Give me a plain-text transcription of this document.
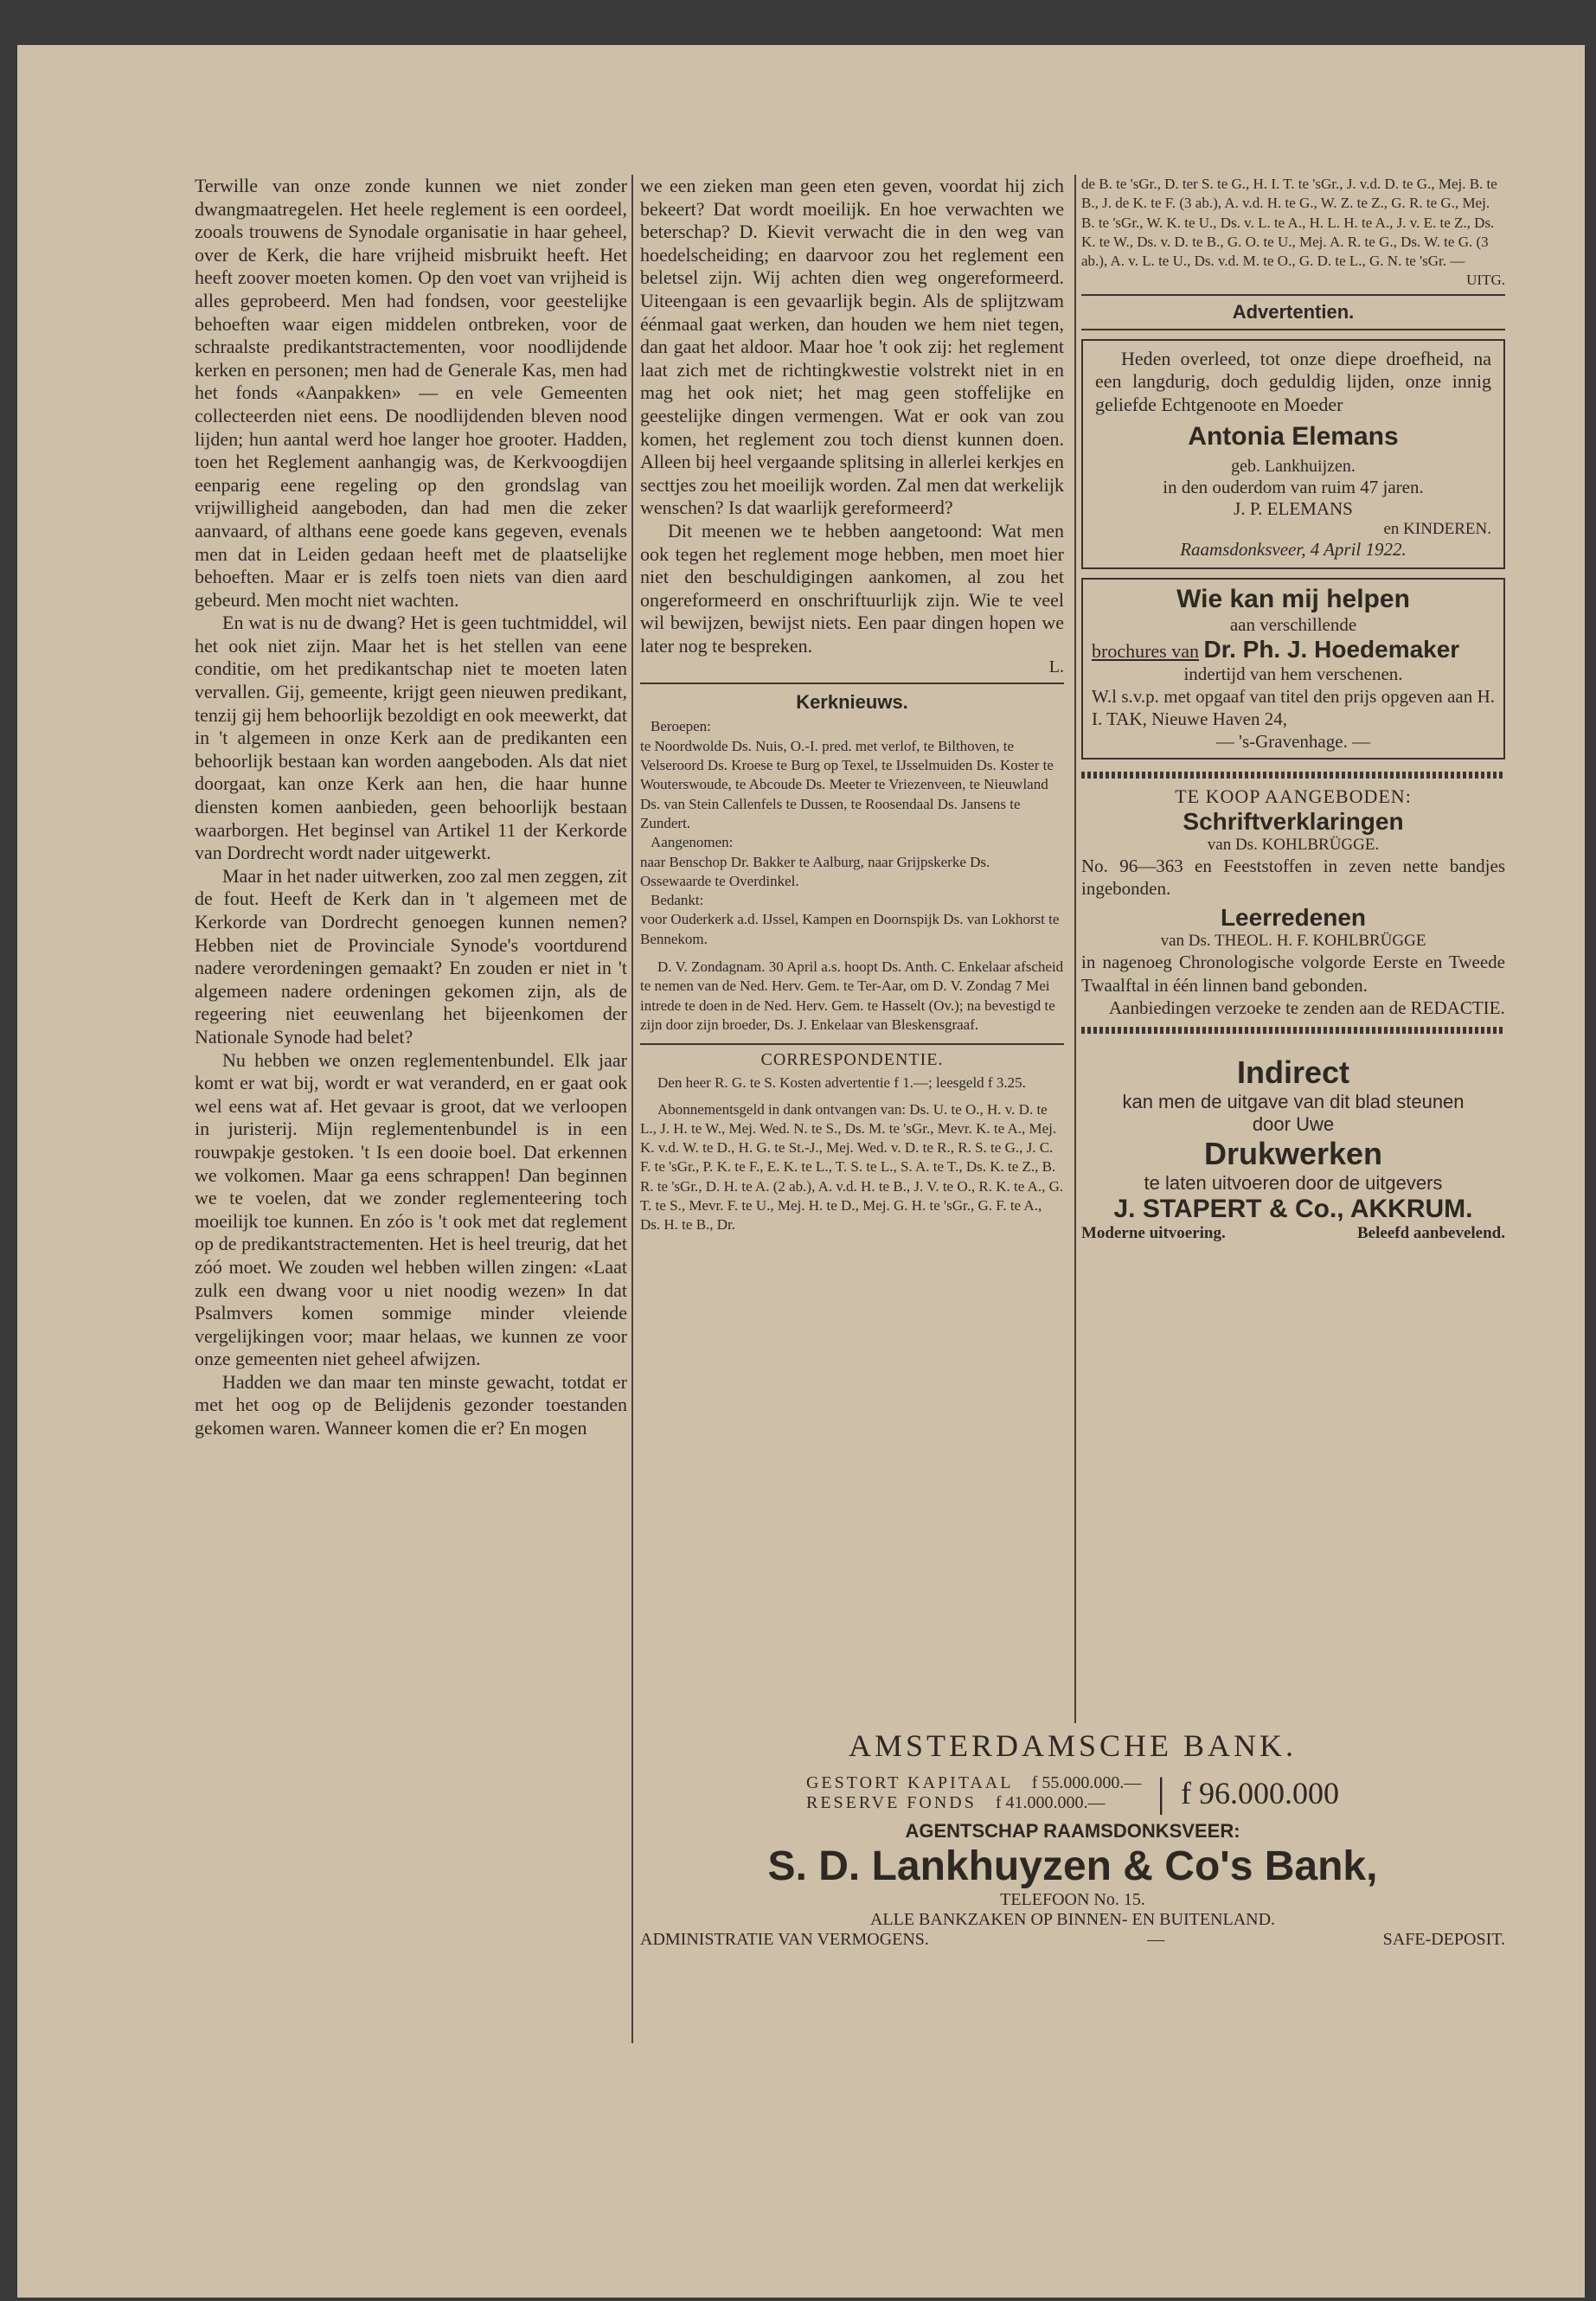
Terwille van onze zonde kunnen we niet zonder dwangmaatregelen. Het heele reglement is een oordeel, zooals trouwens de Synodale organisatie in haar geheel, over de Kerk, die hare vrijheid misbruikt heeft. Het heeft zoover moeten komen. Op den voet van vrijheid is alles geprobeerd. Men had fondsen, voor geestelijke behoeften waar eigen middelen ontbreken, voor de schraalste predikantstractementen, voor noodlijdende kerken en personen; men had de Generale Kas, men had het fonds «Aanpakken» — en vele Gemeenten collecteerden niet eens. De noodlijdenden bleven nood lijden; hun aantal werd hoe langer hoe grooter. Hadden, toen het Reglement aanhangig was, de Kerkvoogdijen eenparig eene regeling op den grondslag van vrijwilligheid aangeboden, dan had men die zeker aanvaard, of althans eene goede kans gegeven, evenals men dat in Leiden gedaan heeft met de plaatselijke behoeften. Maar er is zelfs toen niets van dien aard gebeurd. Men mocht niet wachten.

En wat is nu de dwang? Het is geen tuchtmiddel, wil het ook niet zijn. Maar het is het stellen van eene conditie, om het predikantschap niet te moeten laten vervallen. Gij, gemeente, krijgt geen nieuwen predikant, tenzij gij hem behoorlijk bezoldigt en ook meewerkt, dat in 't algemeen in onze Kerk aan de predikanten een behoorlijk bestaan kan worden aangeboden. Als dat niet doorgaat, kan onze Kerk aan hen, die haar hunne diensten komen aanbieden, geen behoorlijk bestaan waarborgen. Het beginsel van Artikel 11 der Kerkorde van Dordrecht wordt nader uitgewerkt.

Maar in het nader uitwerken, zoo zal men zeggen, zit de fout. Heeft de Kerk dan in 't algemeen met de Kerkorde van Dordrecht genoegen kunnen nemen? Hebben niet de Provinciale Synode's voortdurend nadere verordeningen gemaakt? En zouden er niet in 't algemeen nadere ordeningen gekomen zijn, als de regeering niet eeuwenlang het bijeenkomen der Nationale Synode had belet?

Nu hebben we onzen reglementenbundel. Elk jaar komt er wat bij, wordt er wat veranderd, en er gaat ook wel eens wat af. Het gevaar is groot, dat we verloopen in juristerij. Mijn reglementenbundel is in een rouwpakje gestoken. 't Is een dooie boel. Dat erkennen we volkomen. Maar ga eens schrappen! Dan beginnen we te voelen, dat we zonder reglementeering toch moeilijk toe kunnen. En zóo is 't ook met dat reglement op de predikantstractementen. Het is heel treurig, dat het zóó moet. We zouden wel hebben willen zingen: «Laat zulk een dwang voor u niet noodig wezen» In dat Psalmvers komen sommige minder vleiende vergelijkingen voor; maar helaas, we kunnen ze voor onze gemeenten niet geheel afwijzen.

Hadden we dan maar ten minste gewacht, totdat er met het oog op de Belijdenis gezonder toestanden gekomen waren. Wanneer komen die er? En mogen

we een zieken man geen eten geven, voordat hij zich bekeert? Dat wordt moeilijk. En hoe verwachten we beterschap? D. Kievit verwacht die in den weg van hoedelscheiding; en daarvoor zou het reglement een beletsel zijn. Wij achten dien weg ongereformeerd. Uiteengaan is een gevaarlijk begin. Als de splijtzwam éénmaal gaat werken, dan houden we hem niet tegen, dan gaat het aldoor. Maar hoe 't ook zij: het reglement laat zich met de richtingkwestie volstrekt niet in en mag het ook niet; het mag geen stoffelijke en geestelijke dingen vermengen. Wat er ook van zou komen, het reglement zou toch dienst kunnen doen. Alleen bij heel vergaande splitsing in allerlei kerkjes en secttjes zou het moeilijk worden. Zal men dat werkelijk wenschen? Is dat waarlijk gereformeerd?

Dit meenen we te hebben aangetoond: Wat men ook tegen het reglement moge hebben, men moet hier niet den beschuldigingen aankomen, al zou het ongereformeerd en onschriftuurlijk zijn. Wie te veel wil bewijzen, bewijst niets. Een paar dingen hopen we later nog te bespreken.

L.

Kerknieuws.

Beroepen:

te Noordwolde Ds. Nuis, O.-I. pred. met verlof, te Bilthoven, te Velseroord Ds. Kroese te Burg op Texel, te IJsselmuiden Ds. Koster te Wouterswoude, te Abcoude Ds. Meeter te Vriezenveen, te Nieuwland Ds. van Stein Callenfels te Dussen, te Roosendaal Ds. Jansens te Zundert.

Aangenomen:

naar Benschop Dr. Bakker te Aalburg, naar Grijpskerke Ds. Ossewaarde te Overdinkel.

Bedankt:

voor Ouderkerk a.d. IJssel, Kampen en Doornspijk Ds. van Lokhorst te Bennekom.

D. V. Zondagnam. 30 April a.s. hoopt Ds. Anth. C. Enkelaar afscheid te nemen van de Ned. Herv. Gem. te Ter-Aar, om D. V. Zondag 7 Mei intrede te doen in de Ned. Herv. Gem. te Hasselt (Ov.); na bevestigd te zijn door zijn broeder, Ds. J. Enkelaar van Bleskensgraaf.

CORRESPONDENTIE.

Den heer R. G. te S. Kosten advertentie f 1.—; leesgeld f 3.25.

Abonnementsgeld in dank ontvangen van: Ds. U. te O., H. v. D. te L., J. H. te W., Mej. Wed. N. te S., Ds. M. te 'sGr., Mevr. K. te A., Mej. K. v.d. W. te D., H. G. te St.-J., Mej. Wed. v. D. te R., R. S. te G., J. C. F. te 'sGr., P. K. te F., E. K. te L., T. S. te L., S. A. te T., Ds. K. te Z., B. R. te 'sGr., D. H. te A. (2 ab.), A. v.d. H. te B., J. V. te O., R. K. te A., G. T. te S., Mevr. F. te U., Mej. H. te D., Mej. G. H. te 'sGr., G. F. te A., Ds. H. te B., Dr.

de B. te 'sGr., D. ter S. te G., H. I. T. te 'sGr., J. v.d. D. te G., Mej. B. te B., J. de K. te F. (3 ab.), A. v.d. H. te G., W. Z. te Z., G. R. te G., Mej. B. te 'sGr., W. K. te U., Ds. v. L. te A., H. L. H. te A., J. v. E. te Z., Ds. K. te W., Ds. v. D. te B., G. O. te U., Mej. A. R. te G., Ds. W. te G. (3 ab.), A. v. L. te U., Ds. v.d. M. te O., G. D. te L., G. N. te 'sGr. —

UITG.

Advertentien.

Heden overleed, tot onze diepe droefheid, na een langdurig, doch geduldig lijden, onze innig geliefde Echtgenoote en Moeder

Antonia Elemans

geb. Lankhuijzen.

in den ouderdom van ruim 47 jaren.

J. P. ELEMANS

en KINDEREN.

Raamsdonksveer, 4 April 1922.

Wie kan mij helpen

aan verschillende

brochures van Dr. Ph. J. Hoedemaker

indertijd van hem verschenen.

W.l s.v.p. met opgaaf van titel den prijs opgeven aan H. I. TAK, Nieuwe Haven 24,

— 's-Gravenhage. —

TE KOOP AANGEBODEN:

Schriftverklaringen

van Ds. KOHLBRÜGGE.

No. 96—363 en Feeststoffen in zeven nette bandjes ingebonden.

Leerredenen

van Ds. THEOL. H. F. KOHLBRÜGGE

in nagenoeg Chronologische volgorde Eerste en Tweede Twaalftal in één linnen band gebonden.

Aanbiedingen verzoeke te zenden aan de REDACTIE.

Indirect

kan men de uitgave van dit blad steunen

door Uwe

Drukwerken

te laten uitvoeren door de uitgevers

J. STAPERT & Co., AKKRUM.

Moderne uitvoering.	Beleefd aanbevelend.

AMSTERDAMSCHE BANK.

GESTORT KAPITAAL f 55.000.000.—

RESERVE FONDS f 41.000.000.—	| f 96.000.000

AGENTSCHAP RAAMSDONKSVEER:

S. D. Lankhuyzen & Co's Bank,

TELEFOON No. 15.

ALLE BANKZAKEN OP BINNEN- EN BUITENLAND.

ADMINISTRATIE VAN VERMOGENS.	—	SAFE-DEPOSIT.
